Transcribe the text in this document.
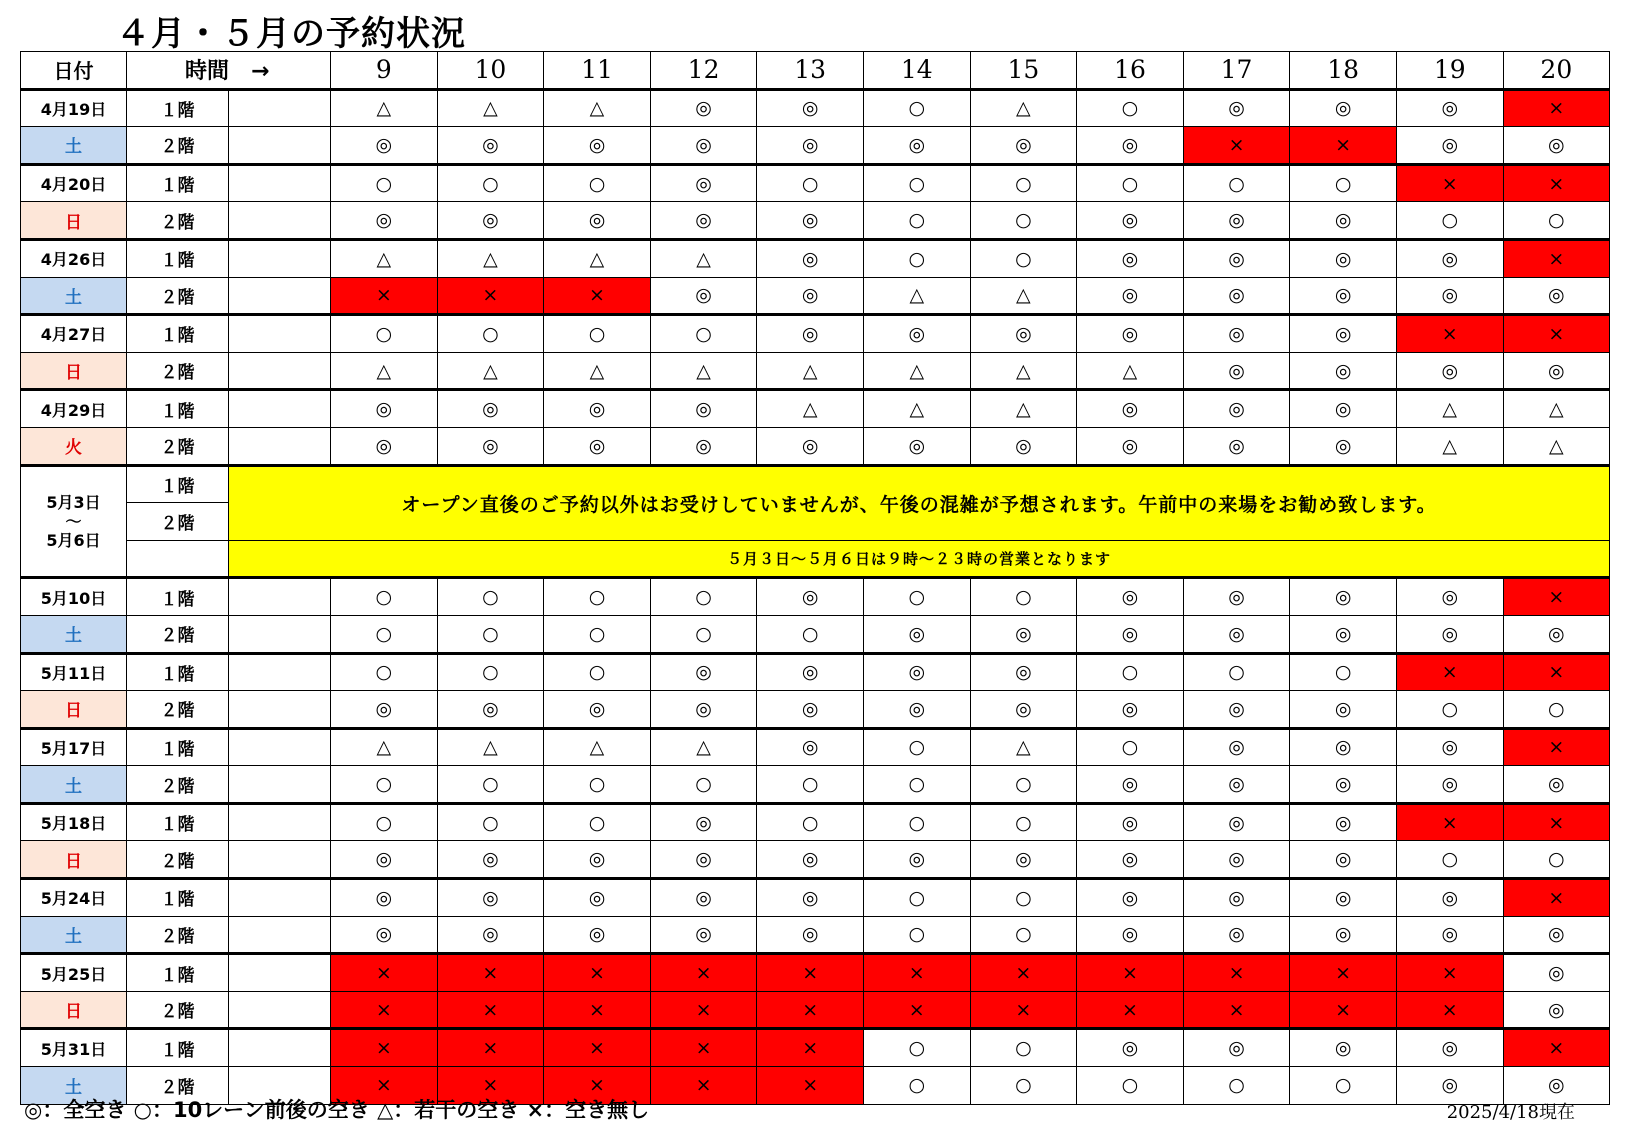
４月・５月の予約状況
日付	時間　→		9	10	11	12	13	14	15	16	17	18	19	20
4月19日	１階		△	△	△	◎	◎	○	△	○	◎	◎	◎	×
土	２階		◎	◎	◎	◎	◎	◎	◎	◎	×	×	◎	◎
4月20日	１階		○	○	○	◎	○	○	○	○	○	○	×	×
日	２階		◎	◎	◎	◎	◎	○	○	◎	◎	◎	○	○
4月26日	１階		△	△	△	△	◎	○	○	◎	◎	◎	◎	×
土	２階		×	×	×	◎	◎	△	△	◎	◎	◎	◎	◎
4月27日	１階		○	○	○	○	◎	◎	◎	◎	◎	◎	×	×
日	２階		△	△	△	△	△	△	△	△	◎	◎	◎	◎
4月29日	１階		◎	◎	◎	◎	△	△	△	◎	◎	◎	△	△
火	２階		◎	◎	◎	◎	◎	◎	◎	◎	◎	◎	△	△

5月3日
～
5月6日	１階	オープン直後のご予約以外はお受けしていませんが、午後の混雑が予想されます。午前中の来場をお勧め致します。												
	２階													
		５月３日～５月６日は９時～２３時の営業となります												
5月10日	１階		○	○	○	○	◎	○	○	◎	◎	◎	◎	×
土	２階		○	○	○	○	○	◎	◎	◎	◎	◎	◎	◎
5月11日	１階		○	○	○	◎	◎	◎	◎	○	○	○	×	×
日	２階		◎	◎	◎	◎	◎	◎	◎	◎	◎	◎	○	○
5月17日	１階		△	△	△	△	◎	○	△	○	◎	◎	◎	×
土	２階		○	○	○	○	○	○	○	◎	◎	◎	◎	◎
5月18日	１階		○	○	○	◎	○	○	○	◎	◎	◎	×	×
日	２階		◎	◎	◎	◎	◎	◎	◎	◎	◎	◎	○	○
5月24日	１階		◎	◎	◎	◎	◎	○	○	◎	◎	◎	◎	×
土	２階		◎	◎	◎	◎	◎	○	○	◎	◎	◎	◎	◎
5月25日	１階		×	×	×	×	×	×	×	×	×	×	×	◎
日	２階		×	×	×	×	×	×	×	×	×	×	×	◎
5月31日	１階		×	×	×	×	×	○	○	◎	◎	◎	◎	×
土	２階		×	×	×	×	×	○	○	○	○	○	◎	◎
◎：全空き ○：10レーン前後の空き △：若干の空き ×：空き無し	2025/4/18現在
